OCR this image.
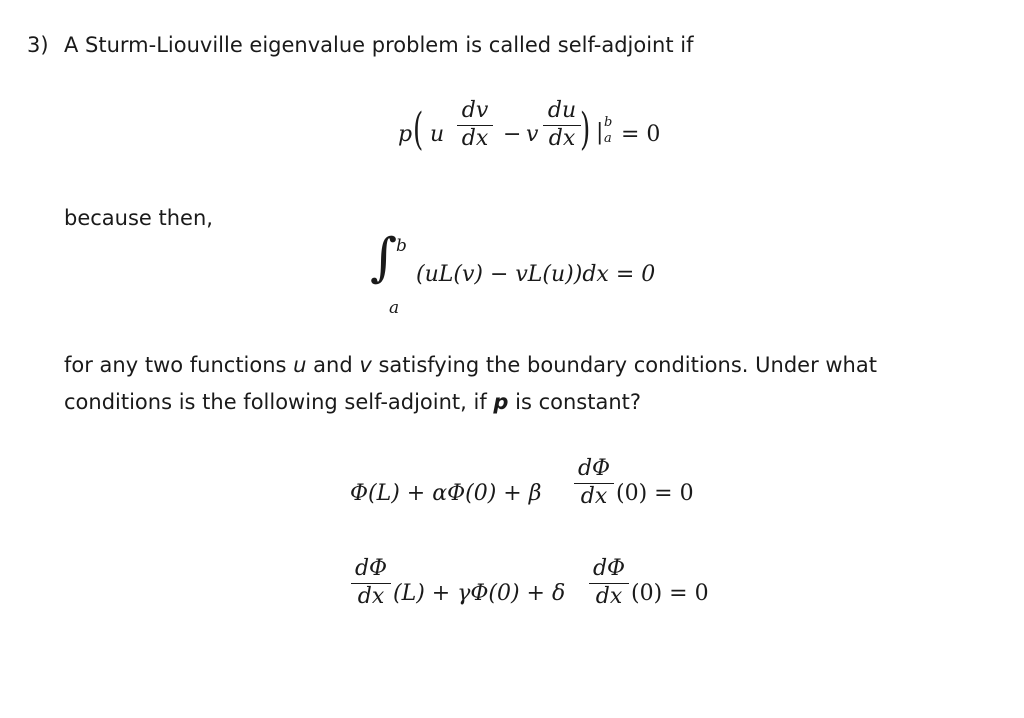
3) A Sturm-Liouville eigenvalue problem is called self-adjoint if
p ( u
dv
dx − v
du
dx ) | b
a = 0
because then,
∫
b
a
(uL(v) − vL(u))dx = 0
for any two functions u and v satisfying the boundary conditions. Under what
conditions is the following self-adjoint, if p is constant?
Φ(L) + αΦ(0) + β
dΦ
dx (0) = 0
dΦ
dx (L) + γΦ(0) + δ
dΦ
dx (0) = 0
